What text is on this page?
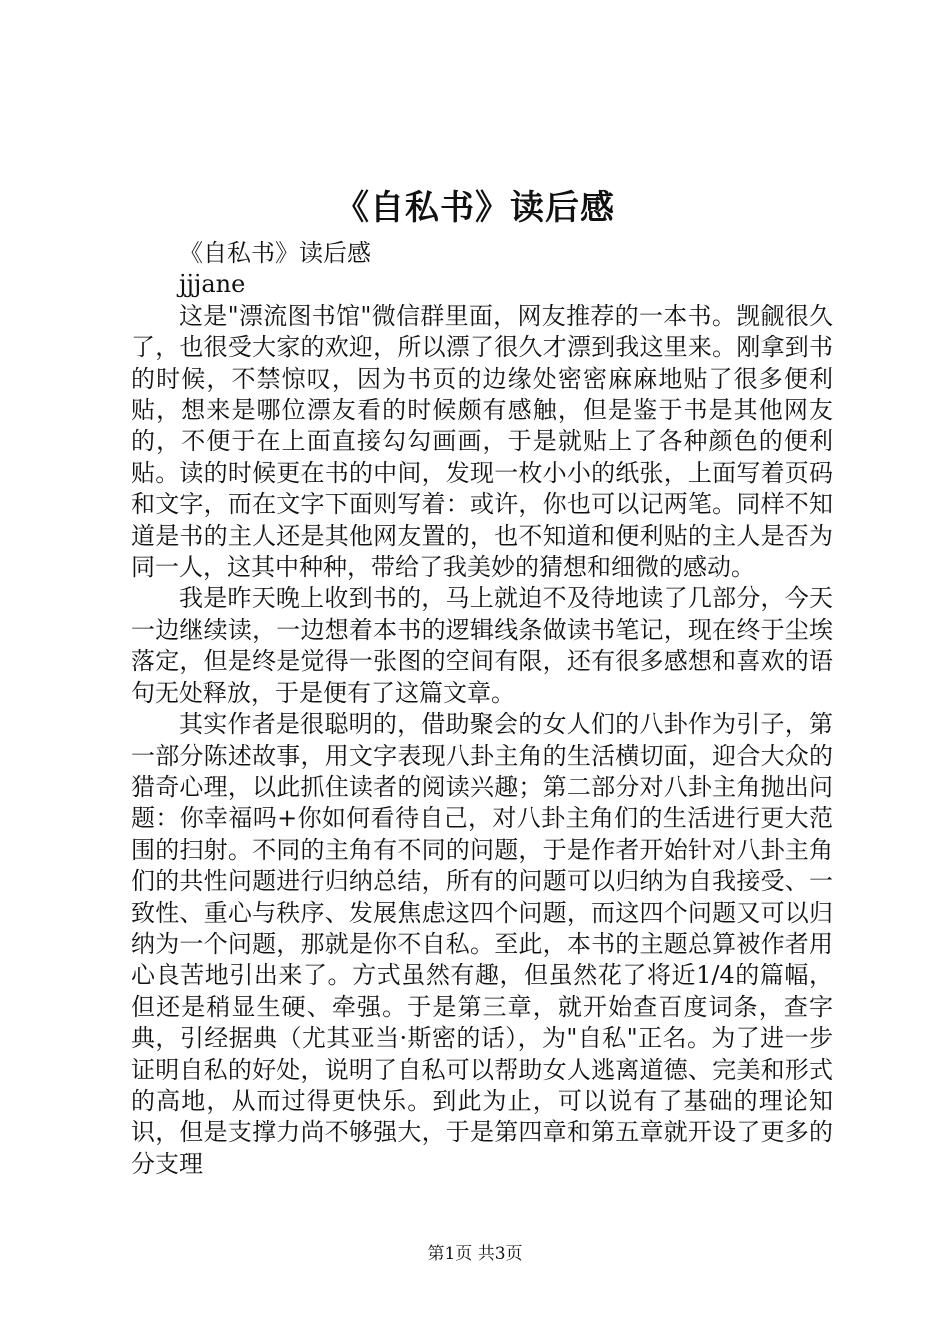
《自私书》读后感

《自私书》读后感

jjjane

这是"漂流图书馆"微信群里面，网友推荐的一本书。觊觎很久了，也很受大家的欢迎，所以漂了很久才漂到我这里来。刚拿到书的时候，不禁惊叹，因为书页的边缘处密密麻麻地贴了很多便利贴，想来是哪位漂友看的时候颇有感触，但是鉴于书是其他网友的，不便于在上面直接勾勾画画，于是就贴上了各种颜色的便利贴。读的时候更在书的中间，发现一枚小小的纸张，上面写着页码和文字，而在文字下面则写着：或许，你也可以记两笔。同样不知道是书的主人还是其他网友置的，也不知道和便利贴的主人是否为同一人，这其中种种，带给了我美妙的猜想和细微的感动。

我是昨天晚上收到书的，马上就迫不及待地读了几部分，今天一边继续读，一边想着本书的逻辑线条做读书笔记，现在终于尘埃落定，但是终是觉得一张图的空间有限，还有很多感想和喜欢的语句无处释放，于是便有了这篇文章。

其实作者是很聪明的，借助聚会的女人们的八卦作为引子，第一部分陈述故事，用文字表现八卦主角的生活横切面，迎合大众的猎奇心理，以此抓住读者的阅读兴趣；第二部分对八卦主角抛出问题：你幸福吗+你如何看待自己，对八卦主角们的生活进行更大范围的扫射。不同的主角有不同的问题，于是作者开始针对八卦主角们的共性问题进行归纳总结，所有的问题可以归纳为自我接受、一致性、重心与秩序、发展焦虑这四个问题，而这四个问题又可以归纳为一个问题，那就是你不自私。至此，本书的主题总算被作者用心良苦地引出来了。方式虽然有趣，但虽然花了将近1/4的篇幅，但还是稍显生硬、牵强。于是第三章，就开始查百度词条，查字典，引经据典（尤其亚当·斯密的话），为"自私"正名。为了进一步证明自私的好处，说明了自私可以帮助女人逃离道德、完美和形式的高地，从而过得更快乐。到此为止，可以说有了基础的理论知识，但是支撑力尚不够强大，于是第四章和第五章就开设了更多的分支理

第1页 共3页
